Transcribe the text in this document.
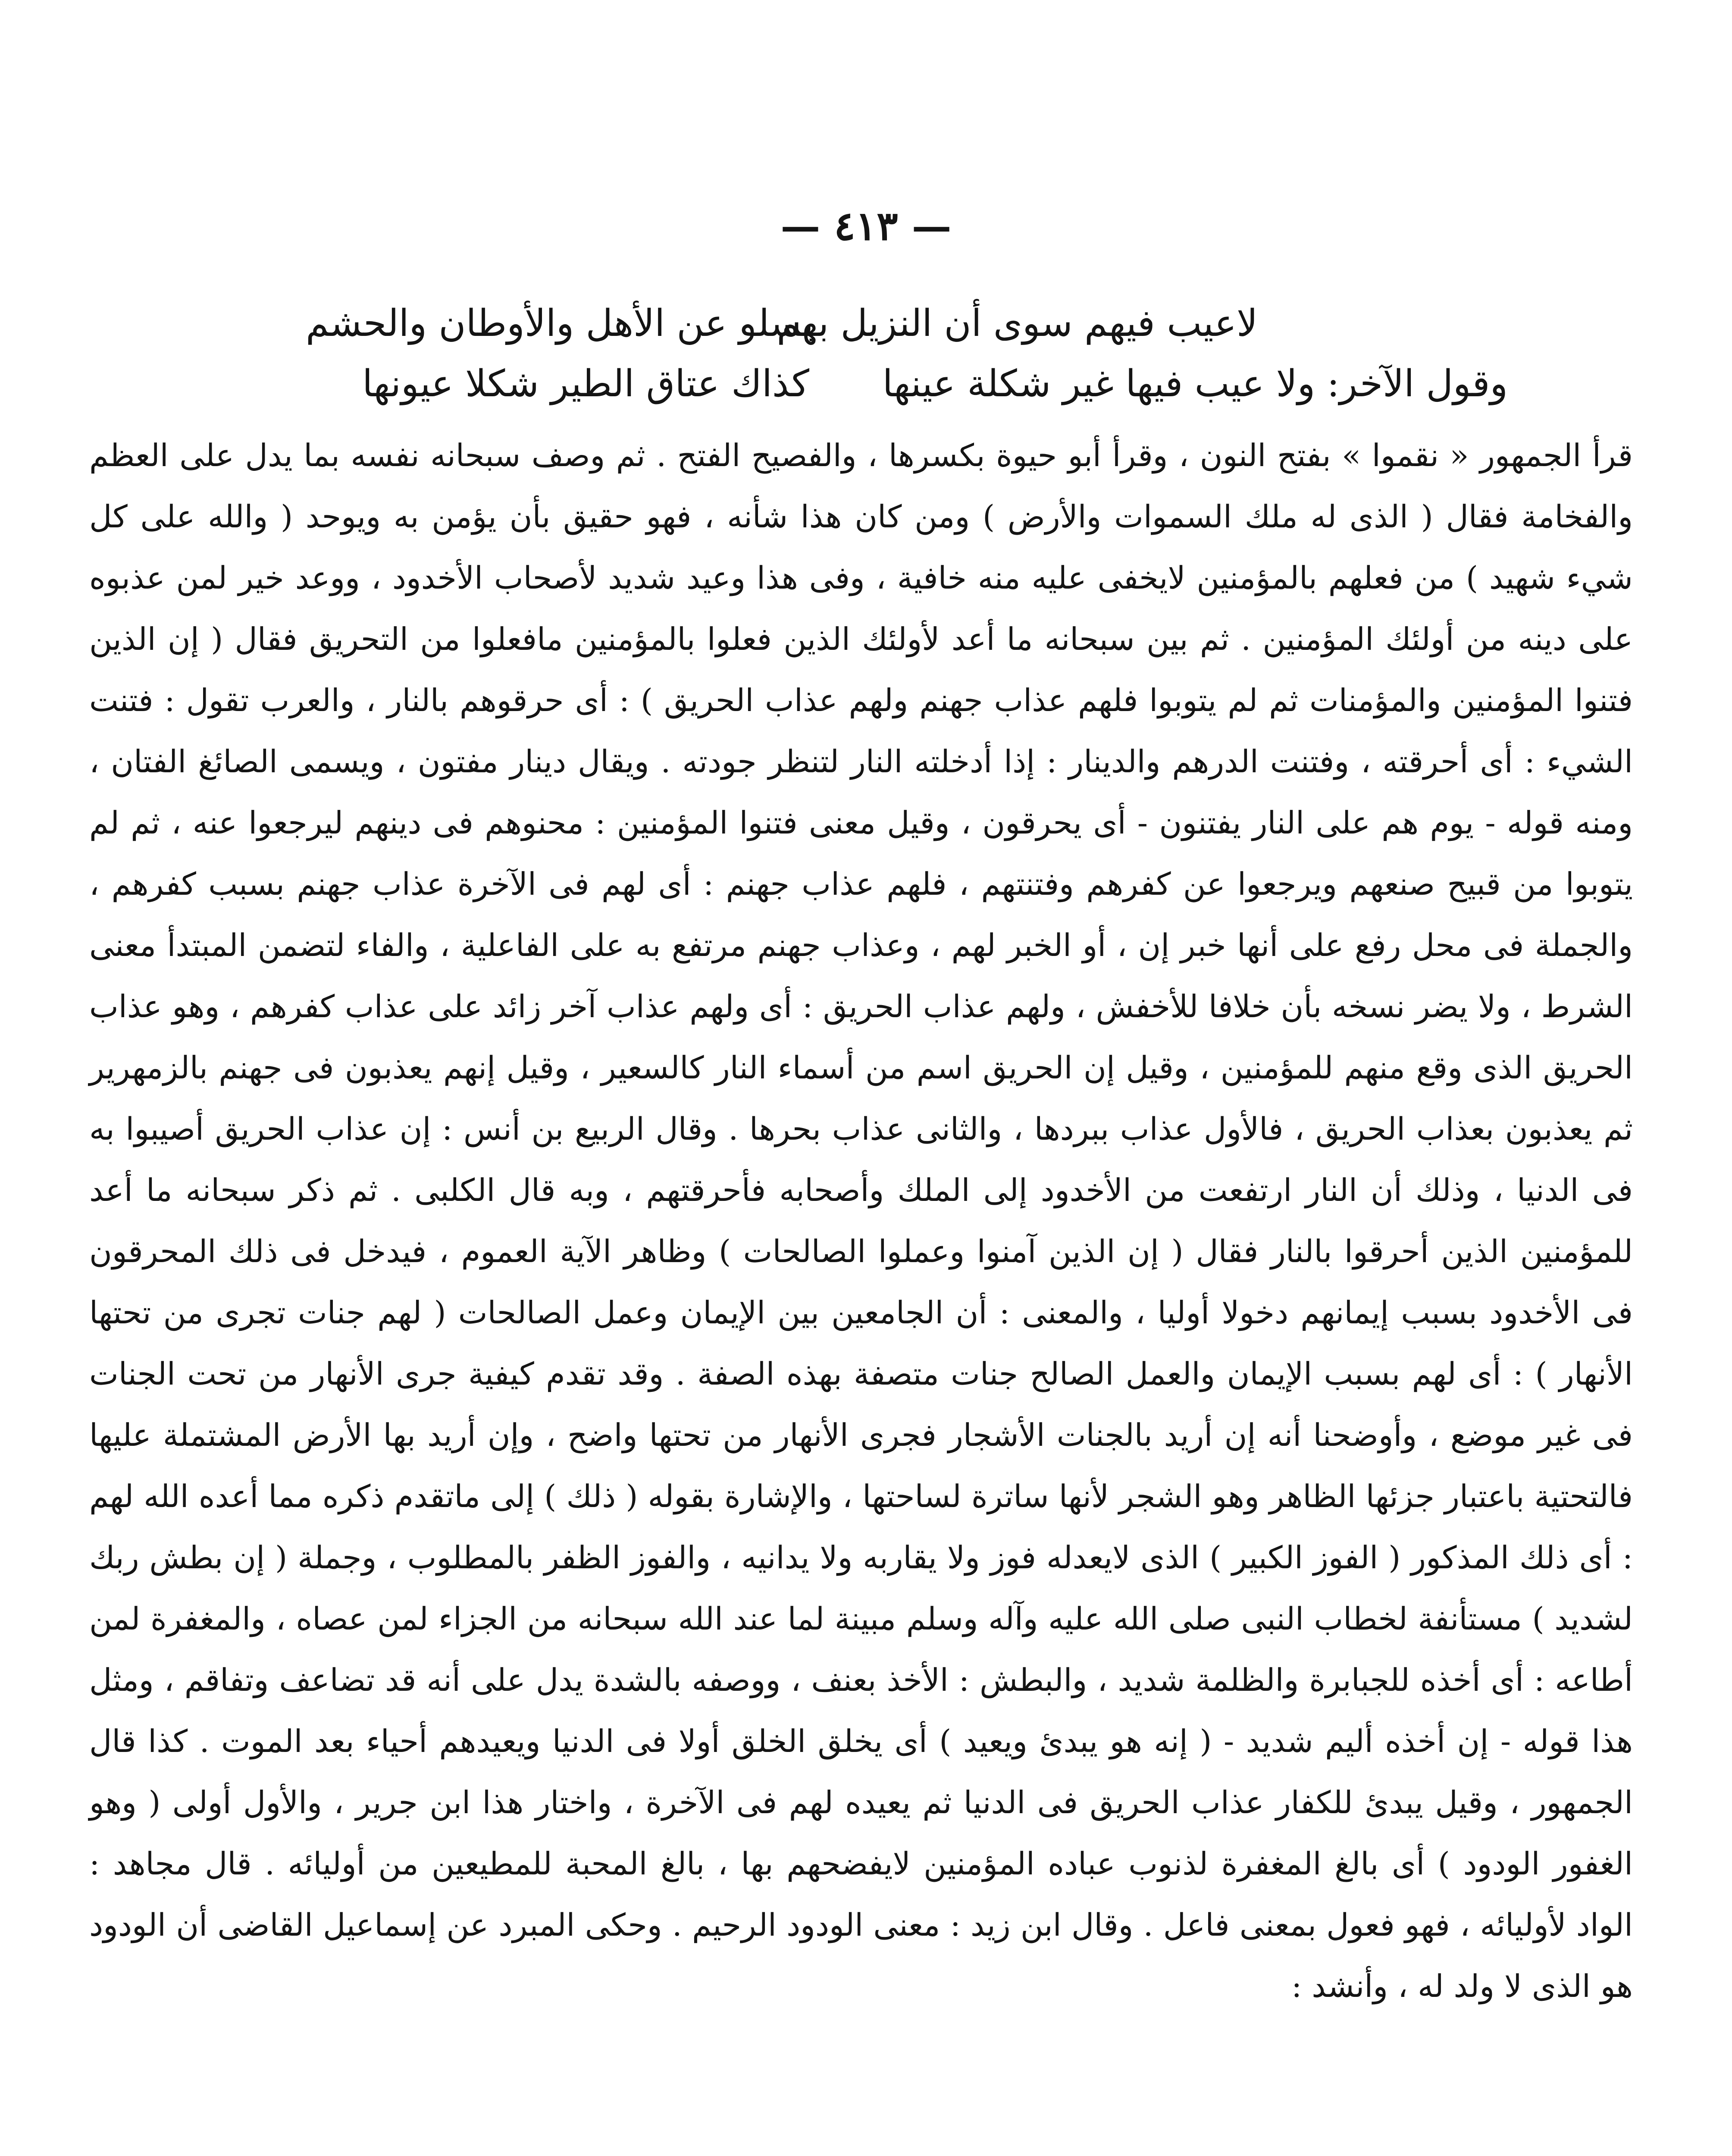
— ٤١٣ —
لاعيب فيهم سوى أن النزيل بهم
يسلو عن الأهل والأوطان والحشم
وقول الآخر: ولا عيب فيها غير شكلة عينها
كذاك عتاق الطير شكلا عيونها

قرأ الجمهور « نقموا » بفتح النون ، وقرأ أبو حيوة بكسرها ، والفصيح الفتح . ثم وصف سبحانه نفسه بما يدل على العظم والفخامة فقال ( الذى له ملك السموات والأرض ) ومن كان هذا شأنه ، فهو حقيق بأن يؤمن به ويوحد ( والله على كل شيء شهيد ) من فعلهم بالمؤمنين لايخفى عليه منه خافية ، وفى هذا وعيد شديد لأصحاب الأخدود ، ووعد خير لمن عذبوه على دينه من أولئك المؤمنين . ثم بين سبحانه ما أعد لأولئك الذين فعلوا بالمؤمنين مافعلوا من التحريق فقال ( إن الذين فتنوا المؤمنين والمؤمنات ثم لم يتوبوا فلهم عذاب جهنم ولهم عذاب الحريق ) : أى حرقوهم بالنار ، والعرب تقول : فتنت الشيء : أى أحرقته ، وفتنت الدرهم والدينار : إذا أدخلته النار لتنظر جودته . ويقال دينار مفتون ، ويسمى الصائغ الفتان ، ومنه قوله - يوم هم على النار يفتنون - أى يحرقون ، وقيل معنى فتنوا المؤمنين : محنوهم فى دينهم ليرجعوا عنه ، ثم لم يتوبوا من قبيح صنعهم ويرجعوا عن كفرهم وفتنتهم ، فلهم عذاب جهنم : أى لهم فى الآخرة عذاب جهنم بسبب كفرهم ، والجملة فى محل رفع على أنها خبر إن ، أو الخبر لهم ، وعذاب جهنم مرتفع به على الفاعلية ، والفاء لتضمن المبتدأ معنى الشرط ، ولا يضر نسخه بأن خلافا للأخفش ، ولهم عذاب الحريق : أى ولهم عذاب آخر زائد على عذاب كفرهم ، وهو عذاب الحريق الذى وقع منهم للمؤمنين ، وقيل إن الحريق اسم من أسماء النار كالسعير ، وقيل إنهم يعذبون فى جهنم بالزمهرير ثم يعذبون بعذاب الحريق ، فالأول عذاب ببردها ، والثانى عذاب بحرها . وقال الربيع بن أنس : إن عذاب الحريق أصيبوا به فى الدنيا ، وذلك أن النار ارتفعت من الأخدود إلى الملك وأصحابه فأحرقتهم ، وبه قال الكلبى . ثم ذكر سبحانه ما أعد للمؤمنين الذين أحرقوا بالنار فقال ( إن الذين آمنوا وعملوا الصالحات ) وظاهر الآية العموم ، فيدخل فى ذلك المحرقون فى الأخدود بسبب إيمانهم دخولا أوليا ، والمعنى : أن الجامعين بين الإيمان وعمل الصالحات ( لهم جنات تجرى من تحتها الأنهار ) : أى لهم بسبب الإيمان والعمل الصالح جنات متصفة بهذه الصفة . وقد تقدم كيفية جرى الأنهار من تحت الجنات فى غير موضع ، وأوضحنا أنه إن أريد بالجنات الأشجار فجرى الأنهار من تحتها واضح ، وإن أريد بها الأرض المشتملة عليها فالتحتية باعتبار جزئها الظاهر وهو الشجر لأنها ساترة لساحتها ، والإشارة بقوله ( ذلك ) إلى ماتقدم ذكره مما أعده الله لهم : أى ذلك المذكور ( الفوز الكبير ) الذى لايعدله فوز ولا يقاربه ولا يدانيه ، والفوز الظفر بالمطلوب ، وجملة ( إن بطش ربك لشديد ) مستأنفة لخطاب النبى صلى الله عليه وآله وسلم مبينة لما عند الله سبحانه من الجزاء لمن عصاه ، والمغفرة لمن أطاعه : أى أخذه للجبابرة والظلمة شديد ، والبطش : الأخذ بعنف ، ووصفه بالشدة يدل على أنه قد تضاعف وتفاقم ، ومثل هذا قوله - إن أخذه أليم شديد - ( إنه هو يبدئ ويعيد ) أى يخلق الخلق أولا فى الدنيا ويعيدهم أحياء بعد الموت . كذا قال الجمهور ، وقيل يبدئ للكفار عذاب الحريق فى الدنيا ثم يعيده لهم فى الآخرة ، واختار هذا ابن جرير ، والأول أولى ( وهو الغفور الودود ) أى بالغ المغفرة لذنوب عباده المؤمنين لايفضحهم بها ، بالغ المحبة للمطيعين من أوليائه . قال مجاهد : الواد لأوليائه ، فهو فعول بمعنى فاعل . وقال ابن زيد : معنى الودود الرحيم . وحكى المبرد عن إسماعيل القاضى أن الودود هو الذى لا ولد له ، وأنشد :
